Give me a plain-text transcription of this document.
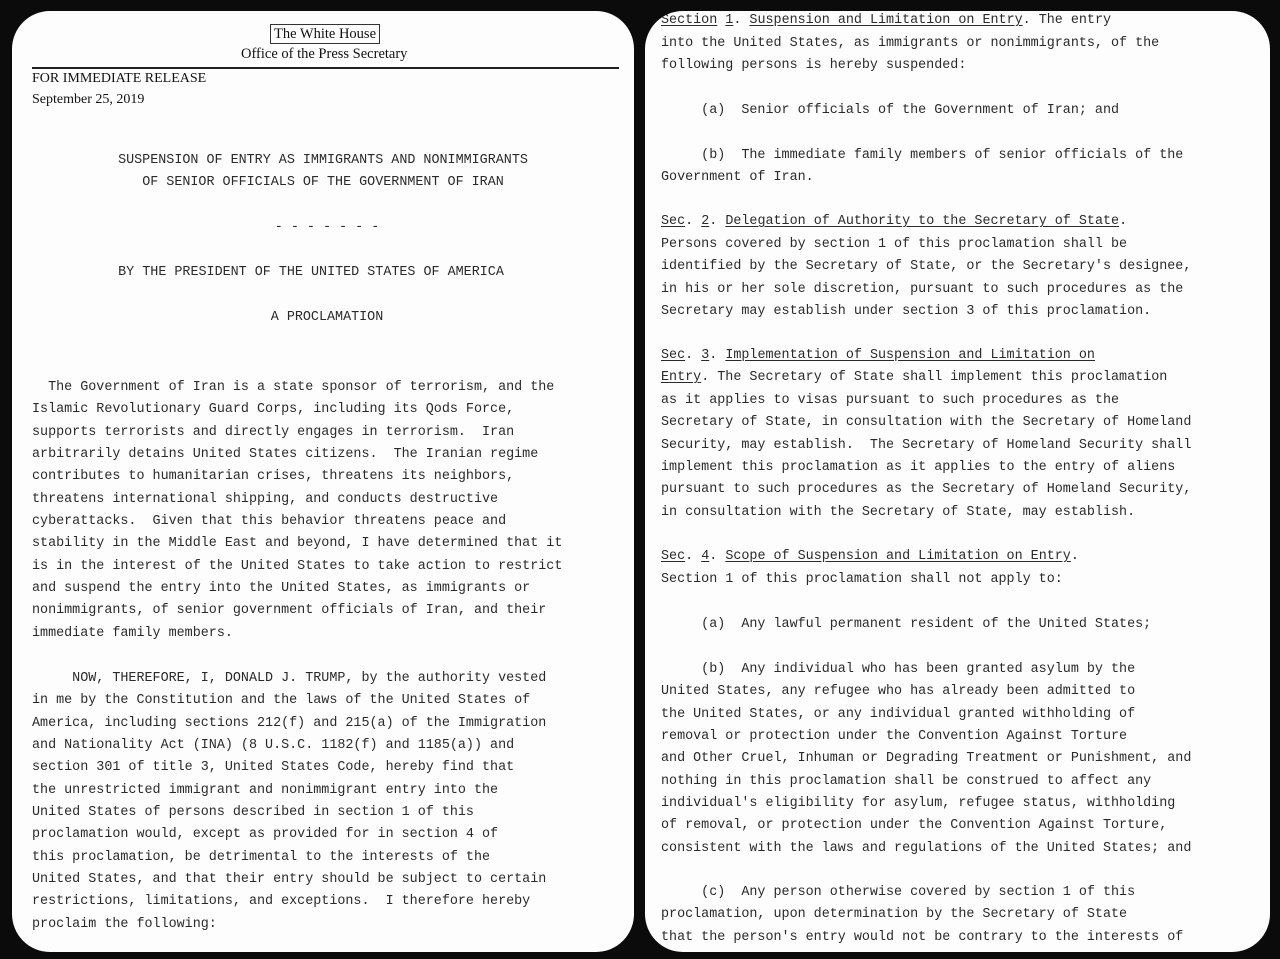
The White House
Office of the Press Secretary
FOR IMMEDIATE RELEASE
September 25, 2019
SUSPENSION OF ENTRY AS IMMIGRANTS AND NONIMMIGRANTS
OF SENIOR OFFICIALS OF THE GOVERNMENT OF IRAN
- - - - - - -
BY THE PRESIDENT OF THE UNITED STATES OF AMERICA
A PROCLAMATION

The Government of Iran is a state sponsor of terrorism, and the
Islamic Revolutionary Guard Corps, including its Qods Force,
supports terrorists and directly engages in terrorism.  Iran
arbitrarily detains United States citizens.  The Iranian regime
contributes to humanitarian crises, threatens its neighbors,
threatens international shipping, and conducts destructive
cyberattacks.  Given that this behavior threatens peace and
stability in the Middle East and beyond, I have determined that it
is in the interest of the United States to take action to restrict
and suspend the entry into the United States, as immigrants or
nonimmigrants, of senior government officials of Iran, and their
immediate family members.

NOW, THEREFORE, I, DONALD J. TRUMP, by the authority vested
in me by the Constitution and the laws of the United States of
America, including sections 212(f) and 215(a) of the Immigration
and Nationality Act (INA) (8 U.S.C. 1182(f) and 1185(a)) and
section 301 of title 3, United States Code, hereby find that
the unrestricted immigrant and nonimmigrant entry into the
United States of persons described in section 1 of this
proclamation would, except as provided for in section 4 of
this proclamation, be detrimental to the interests of the
United States, and that their entry should be subject to certain
restrictions, limitations, and exceptions.  I therefore hereby
proclaim the following:

Section 1. Suspension and Limitation on Entry. The entry

into the United States, as immigrants or nonimmigrants, of the
following persons is hereby suspended:

(a)  Senior officials of the Government of Iran; and

(b)  The immediate family members of senior officials of the
Government of Iran.

Sec. 2. Delegation of Authority to the Secretary of State.

Persons covered by section 1 of this proclamation shall be
identified by the Secretary of State, or the Secretary's designee,
in his or her sole discretion, pursuant to such procedures as the
Secretary may establish under section 3 of this proclamation.

Sec. 3. Implementation of Suspension and Limitation on
Entry. The Secretary of State shall implement this proclamation

as it applies to visas pursuant to such procedures as the
Secretary of State, in consultation with the Secretary of Homeland
Security, may establish.  The Secretary of Homeland Security shall
implement this proclamation as it applies to the entry of aliens
pursuant to such procedures as the Secretary of Homeland Security,
in consultation with the Secretary of State, may establish.

Sec. 4. Scope of Suspension and Limitation on Entry.

Section 1 of this proclamation shall not apply to:

(a)  Any lawful permanent resident of the United States;

(b)  Any individual who has been granted asylum by the
United States, any refugee who has already been admitted to
the United States, or any individual granted withholding of
removal or protection under the Convention Against Torture
and Other Cruel, Inhuman or Degrading Treatment or Punishment, and
nothing in this proclamation shall be construed to affect any
individual's eligibility for asylum, refugee status, withholding
of removal, or protection under the Convention Against Torture,
consistent with the laws and regulations of the United States; and

(c)  Any person otherwise covered by section 1 of this
proclamation, upon determination by the Secretary of State
that the person's entry would not be contrary to the interests of
